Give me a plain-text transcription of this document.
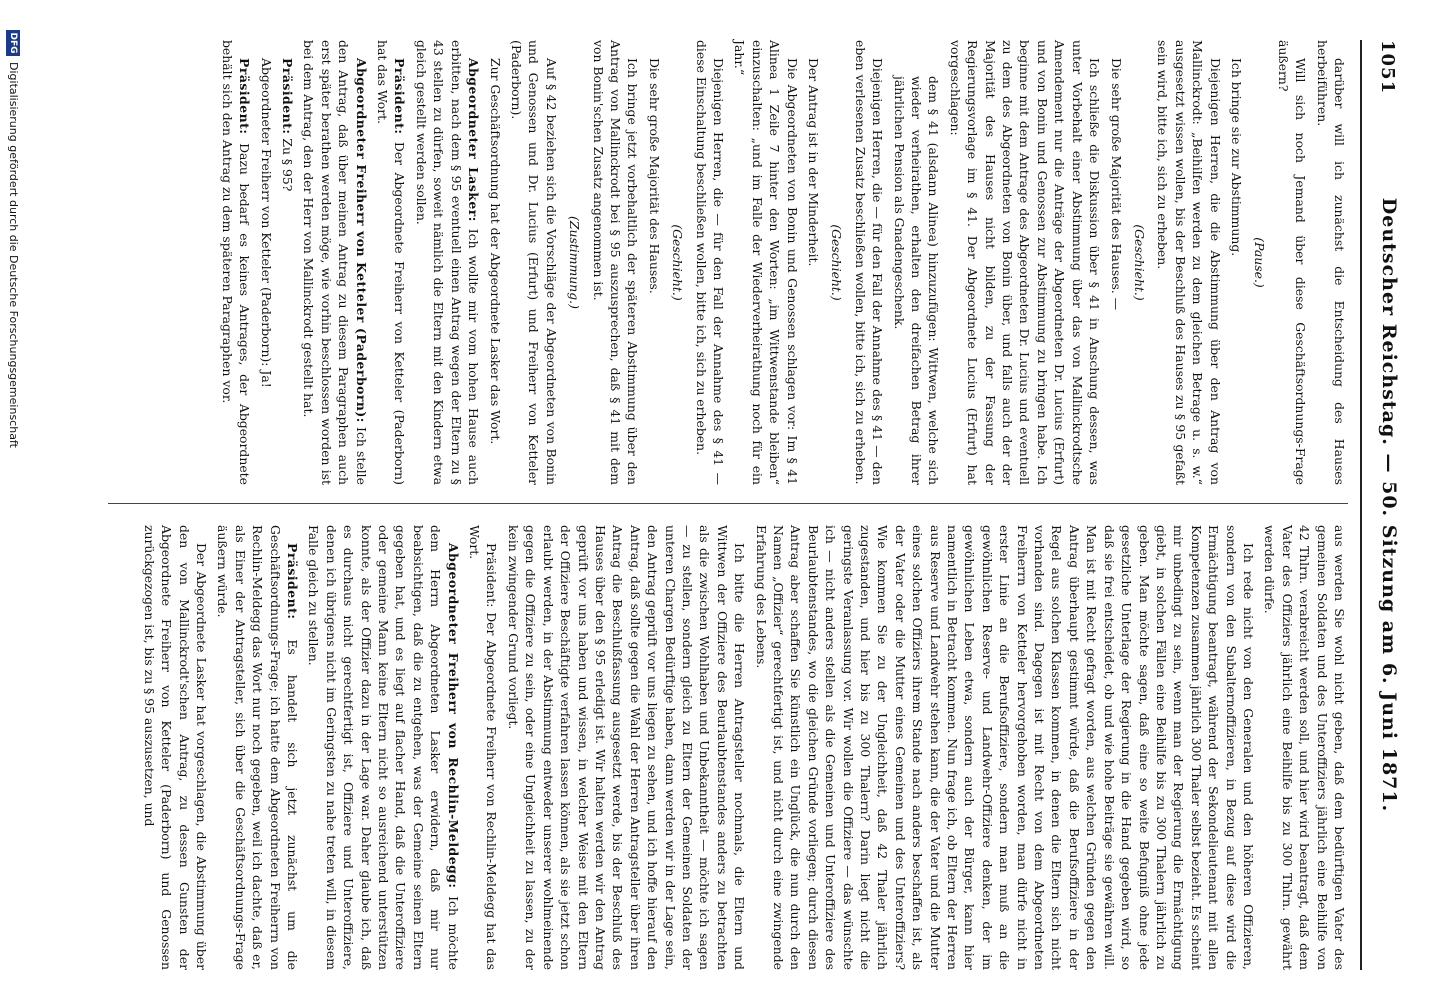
1051
Deutscher Reichstag. — 50. Sitzung am 6. Juni 1871.

darüber will ich zunächst die Entscheidung des Hauses herbeiführen.

Will sich noch Jemand über diese Geschäftsordnungs-Frage äußern?

(Pause.)

Ich bringe sie zur Abstimmung.

Diejenigen Herren, die die Abstimmung über den Antrag von Mallinckrodt: „Beihilfen werden zu dem gleichen Betrage u. s. w.“ ausgesetzt wissen wollen, bis der Beschluß des Hauses zu § 95 gefaßt sein wird, bitte ich, sich zu erheben.

(Geschieht.)

Die sehr große Majorität des Hauses. —

Ich schließe die Diskussion über § 41 in Anschung dessen, was unter Vorbehalt einer Abstimmung über das von Mallinckrodtsche Amendement nur die Anträge der Abgeordneten Dr. Lucius (Erfurt) und von Bonin und Genossen zur Abstimmung zu bringen habe. Ich beginne mit dem Antrage des Abgeordneten Dr. Lucius und eventuell zu dem des Abgeordneten von Bonin über, und falls auch der der Majorität des Hauses nicht bilden, zu der Fassung der Regierungsvorlage im § 41. Der Abgeordnete Lucius (Erfurt) hat vorgeschlagen:

dem § 41 (alsdann Alinea) hinzuzufügen: Wittwen, welche sich wieder verheirathen, erhalten den dreifachen Betrag ihrer jährlichen Pension als Gnadengeschenk.

Diejenigen Herren, die — für den Fall der Annahme des § 41 — den eben verlesenen Zusatz beschließen wollen, bitte ich, sich zu erheben.

(Geschieht.)

Der Antrag ist in der Minderheit.

Die Abgeordneten von Bonin und Genossen schlagen vor: Im § 41 Alinea 1 Zeile 7 hinter den Worten: „im Wittwenstande bleiben“ einzuschalten: „und im Falle der Wiederverheirathung noch für ein Jahr.“

Diejenigen Herren, die — für den Fall der Annahme des § 41 — diese Einschaltung beschließen wollen, bitte ich, sich zu erheben.

(Geschieht.)

Die sehr große Majorität des Hauses.

Ich bringe jetzt vorbehaltlich der späteren Abstimmung über den Antrag von Mallinckrodt bei § 95 auszusprechen, daß § 41 mit dem von Bonin'schen Zusatz angenommen ist.

(Zustimmung.)

Auf § 42 beziehen sich die Vorschläge der Abgeordneten von Bonin und Genossen und Dr. Lucius (Erfurt) und Freiherr von Ketteler (Paderborn).

Zur Geschäftsordnung hat der Abgeordnete Lasker das Wort.

Abgeordneter Lasker: Ich wollte mir vom hohen Hause auch erbitten, nach dem § 95 eventuell einen Antrag wegen der Eltern zu § 43 stellen zu dürfen, soweit nämlich die Eltern mit den Kindern etwa gleich gestellt werden sollen.

Präsident: Der Abgeordnete Freiherr von Ketteler (Paderborn) hat das Wort.

Abgeordneter Freiherr von Ketteler (Paderborn): Ich stelle den Antrag, daß über meinen Antrag zu diesem Paragraphen auch erst später berathen werden möge, wie vorhin beschlossen worden ist bei dem Antrag, den der Herr von Mallinckrodt gestellt hat.

Präsident: Zu § 95?

Abgeordneter Freiherr von Ketteler (Paderborn): Ja!

Präsident: Dazu bedarf es keines Antrages, der Abgeordnete behält sich den Antrag zu dem späteren Paragraphen vor.

aus werden Sie wohl nicht geben, daß dem bedürftigen Vater des gemeinen Soldaten und des Unteroffiziers jährlich eine Beihilfe von 42 Thlrn. verabreicht werden soll, und hier wird beantragt, daß dem Vater des Offiziers jährlich eine Beihilfe bis zu 300 Thlrn. gewährt werden dürfe.

Ich rede nicht von den Generalen und den höheren Offizieren, sondern von den Subalternoffizieren, in Bezug auf diese wird die Ermächtigung beantragt, während der Sekondelieutenant mit allen Kompetenzen zusammen jährlich 300 Thaler selbst bezieht. Es scheint mir unbedingt zu sein, wenn man der Regierung die Ermächtigung giebt, in solchen Fällen eine Beihilfe bis zu 300 Thalern jährlich zu geben. Man möchte sagen, daß eine so weite Befugniß ohne jede gesetzliche Unterlage der Regierung in die Hand gegeben wird, so daß sie frei entscheidet, ob und wie hohe Beiträge sie gewähren will. Man ist mit Recht gefragt worden, aus welchen Gründen gegen den Antrag überhaupt gestimmt würde, daß die Berufsoffiziere in der Regel aus solchen Klassen kommen, in denen die Eltern sich nicht vorhanden sind. Dagegen ist mit Recht von dem Abgeordneten Freiherrn von Ketteler hervorgehoben worden, man dürfe nicht in erster Linie an die Berufsoffiziere, sondern man muß an die gewöhnlichen Reserve- und Landwehr-Offiziere denken, der im gewöhnlichen Leben etwa, sondern auch der Bürger, kann hier namentlich in Betracht kommen. Nun frage ich, ob Eltern der Herren aus Reserve und Landwehr stehen kann, die der Vater und die Mutter eines solchen Offiziers ihrem Stande nach anders beschaffen ist, als der Vater oder die Mutter eines Gemeinen und des Unteroffiziers? Wie kommen Sie zu der Ungleichheit, daß 42 Thaler jährlich zugestanden, und hier bis zu 300 Thalern? Darin liegt nicht die geringste Veranlassung vor. Wir wollen die Offiziere — das wünschte ich — nicht anders stellen als die Gemeinen und Unteroffiziere des Beurlaubtenstandes, wo die gleichen Gründe vorliegen; durch diesen Antrag aber schaffen Sie künstlich ein Unglück, die nun durch den Namen „Offizier“ gerechtfertigt ist, und nicht durch eine zwingende Erfahrung des Lebens.

Ich bitte die Herren Antragsteller nochmals, die Eltern und Wittwen der Offiziere des Beurlaubtenstandes anders zu betrachten als die zwischen Wohlhaben und Unbekanntheit — möchte ich sagen — zu stellen, sondern gleich zu Eltern der Gemeinen Soldaten der unteren Chargen Bedürftige haben, dann werden wir in der Lage sein, den Antrag geprüft vor uns liegen zu sehen, und ich hoffe hierauf den Antrag, daß sollte gegen die Wahl der Herren Antragsteller über ihren Antrag die Beschlußfassung ausgesetzt werde, bis der Beschluß des Hauses über den § 95 erledigt ist. Wir halten werden wir den Antrag geprüft vor uns haben und wissen, in welcher Weise mit den Eltern der Offiziere Beschäftigte verfahren lassen können, als sie jetzt schon erlaubt werden, in der Abstimmung entweder unserer wohlmeinende gegen die Offiziere zu sein, oder eine Ungleichheit zu lassen, zu der kein zwingender Grund vorliegt.

Präsident: Der Abgeordnete Freiherr von Rechlin-Meldegg hat das Wort.

Abgeordneter Freiherr von Rechlin-Meldegg: Ich möchte dem Herrn Abgeordneten Lasker erwidern, daß mir nur beabsichtigen, daß die zu entgehen, was der Gemeine seinen Eltern gegeben hat, und es liegt auf flacher Hand, daß die Unteroffiziere oder gemeine Mann keine Eltern nicht so ausreichend unterstützen konnte, als der Offizier dazu in der Lage war. Daher glaube ich, daß es durchaus nicht gerechtfertigt ist, Offiziere und Unteroffiziere, denen ich übrigens nicht im Geringsten zu nahe treten will, in diesem Falle gleich zu stellen.

Präsident: Es handelt sich jetzt zunächst um die Geschäftsordnungs-Frage; ich hatte dem Abgeordneten Freiherrn von Rechlin-Meldegg das Wort nur noch gegeben, weil ich dachte, daß er, als Einer der Antragsteller, sich über die Geschäftsordnungs-Frage äußern würde.

Der Abgeordnete Lasker hat vorgeschlagen, die Abstimmung über den von Mallinckrodt'schen Antrag, zu dessen Gunsten der Abgeordnete Freiherr von Ketteler (Paderborn) und Genossen zurückgezogen ist, bis zu § 95 auszusetzen, und

DFG
Digitalisierung gefördert durch die Deutsche Forschungsgemeinschaft
